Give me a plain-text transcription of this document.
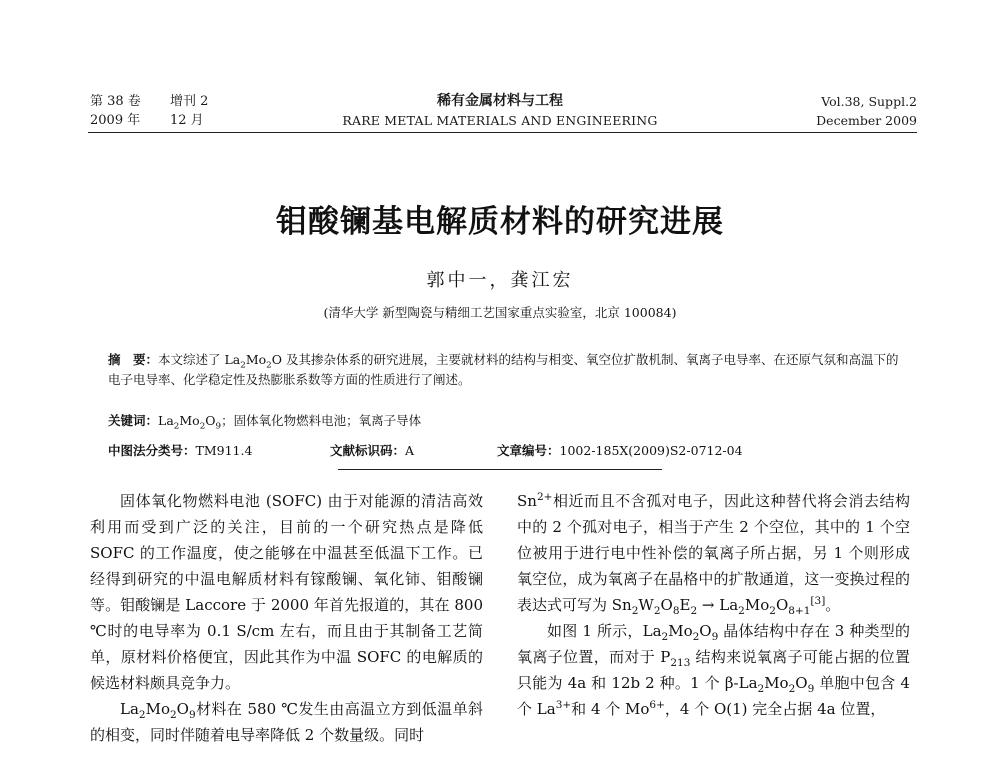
第 38 卷 增刊 2
2009 年 12 月
稀有金属材料与工程
RARE METAL MATERIALS AND ENGINEERING
Vol.38, Suppl.2
December 2009
钼酸镧基电解质材料的研究进展
郭中一，龚江宏
(清华大学 新型陶瓷与精细工艺国家重点实验室，北京 100084)
摘　要：本文综述了 $La_2Mo_2O$ 及其掺杂体系的研究进展，主要就材料的结构与相变、氧空位扩散机制、氧离子电导率、在还原气氛和高温下的电子电导率、化学稳定性及热膨胀系数等方面的性质进行了阐述。
关键词：$La_2Mo_2O_9$；固体氧化物燃料电池；氧离子导体
中图法分类号：TM911.4	文献标识码：A	文章编号：1002-185X(2009)S2-0712-04

固体氧化物燃料电池 (SOFC) 由于对能源的清洁高效利用而受到广泛的关注，目前的一个研究热点是降低 SOFC 的工作温度，使之能够在中温甚至低温下工作。已经得到研究的中温电解质材料有镓酸镧、氧化铈、钼酸镧等。钼酸镧是 Laccore 于 2000 年首先报道的，其在 800 ℃时的电导率为 0.1 S/cm 左右，而且由于其制备工艺简单，原材料价格便宜，因此其作为中温 SOFC 的电解质的候选材料颇具竞争力。

$La_2Mo_2O_9$材料在 580 ℃发生由高温立方到低温单斜的相变，同时伴随着电导率降低 2 个数量级。同时

$Sn^{2+}$相近而且不含孤对电子，因此这种替代将会消去结构中的 2 个孤对电子，相当于产生 2 个空位，其中的 1 个空位被用于进行电中性补偿的氧离子所占据，另 1 个则形成氧空位，成为氧离子在晶格中的扩散通道，这一变换过程的表达式可写为 $Sn_2W_2O_8E_2 \to La_2Mo_2O_{8+1}[3]$。

如图 1 所示，$La_2Mo_2O_9$ 晶体结构中存在 3 种类型的氧离子位置，而对于 $P_{213}$ 结构来说氧离子可能占据的位置只能为 4a 和 12b 2 种。1 个 $\beta-La_2Mo_2O_9$ 单胞中包含 4 个 $La^{3+}$和 4 个 $Mo^{6+}$，4 个 O(1) 完全占据 4a 位置，
